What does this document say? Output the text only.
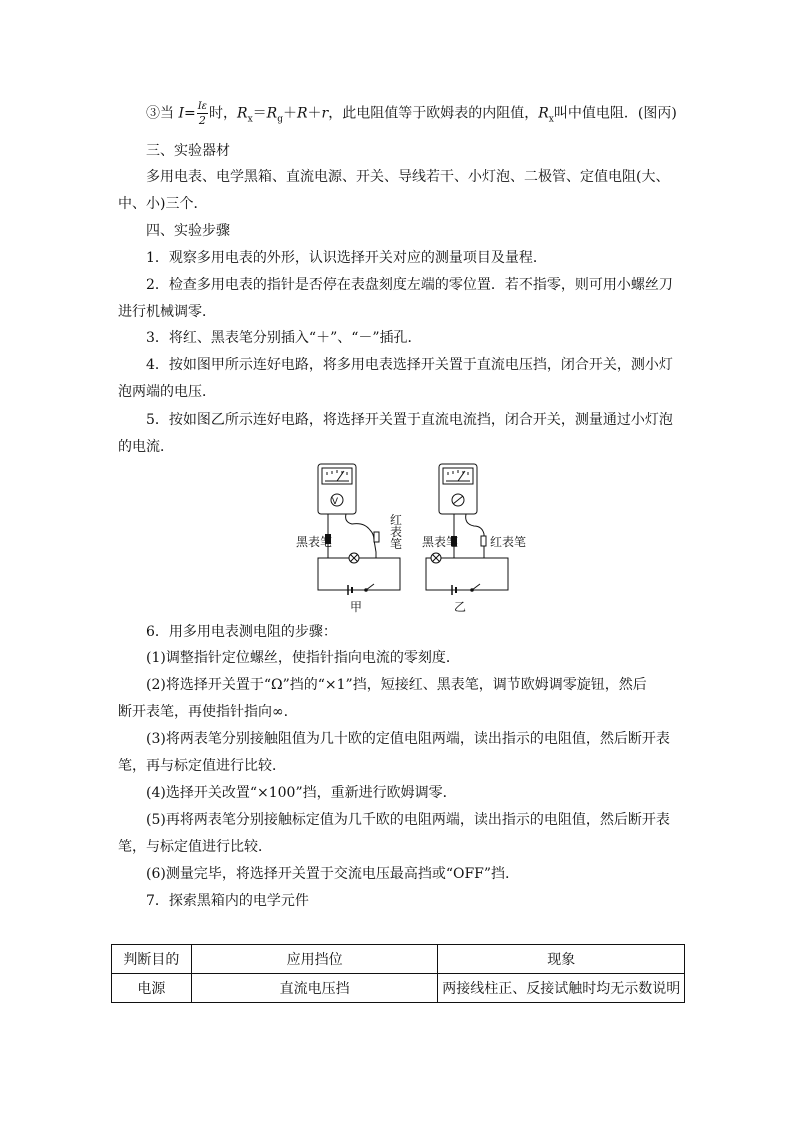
③当 $I= \frac{I\varepsilon}{2}$ 时，$R_x=R_g+R+r$，此电阻值等于欧姆表的内阻值，$R_x$叫中值电阻．(图丙)
三、实验器材
多用电表、电学黑箱、直流电源、开关、导线若干、小灯泡、二极管、定值电阻(大、
中、小)三个．
四、实验步骤
1．观察多用电表的外形，认识选择开关对应的测量项目及量程．
2．检查多用电表的指针是否停在表盘刻度左端的零位置．若不指零，则可用小螺丝刀
进行机械调零．
3．将红、黑表笔分别插入“＋”、“－”插孔．
4．按如图甲所示连好电路，将多用电表选择开关置于直流电压挡，闭合开关，测小灯
泡两端的电压．
5．按如图乙所示连好电路，将选择开关置于直流电流挡，闭合开关，测量通过小灯泡
的电流．
V
红
表
笔
黑表笔	黑表笔	红表笔
甲	乙
6．用多用电表测电阻的步骤：
(1)调整指针定位螺丝，使指针指向电流的零刻度．
(2)将选择开关置于“Ω”挡的“×1”挡，短接红、黑表笔，调节欧姆调零旋钮，然后
断开表笔，再使指针指向∞.
(3)将两表笔分别接触阻值为几十欧的定值电阻两端，读出指示的电阻值，然后断开表
笔，再与标定值进行比较．
(4)选择开关改置“×100”挡，重新进行欧姆调零．
(5)再将两表笔分别接触标定值为几千欧的电阻两端，读出指示的电阻值，然后断开表
笔，与标定值进行比较．
(6)测量完毕，将选择开关置于交流电压最高挡或“OFF”挡.
7．探索黑箱内的电学元件
判断目的	应用挡位	现象
电源	直流电压挡	两接线柱正、反接试触时均无示数说明
